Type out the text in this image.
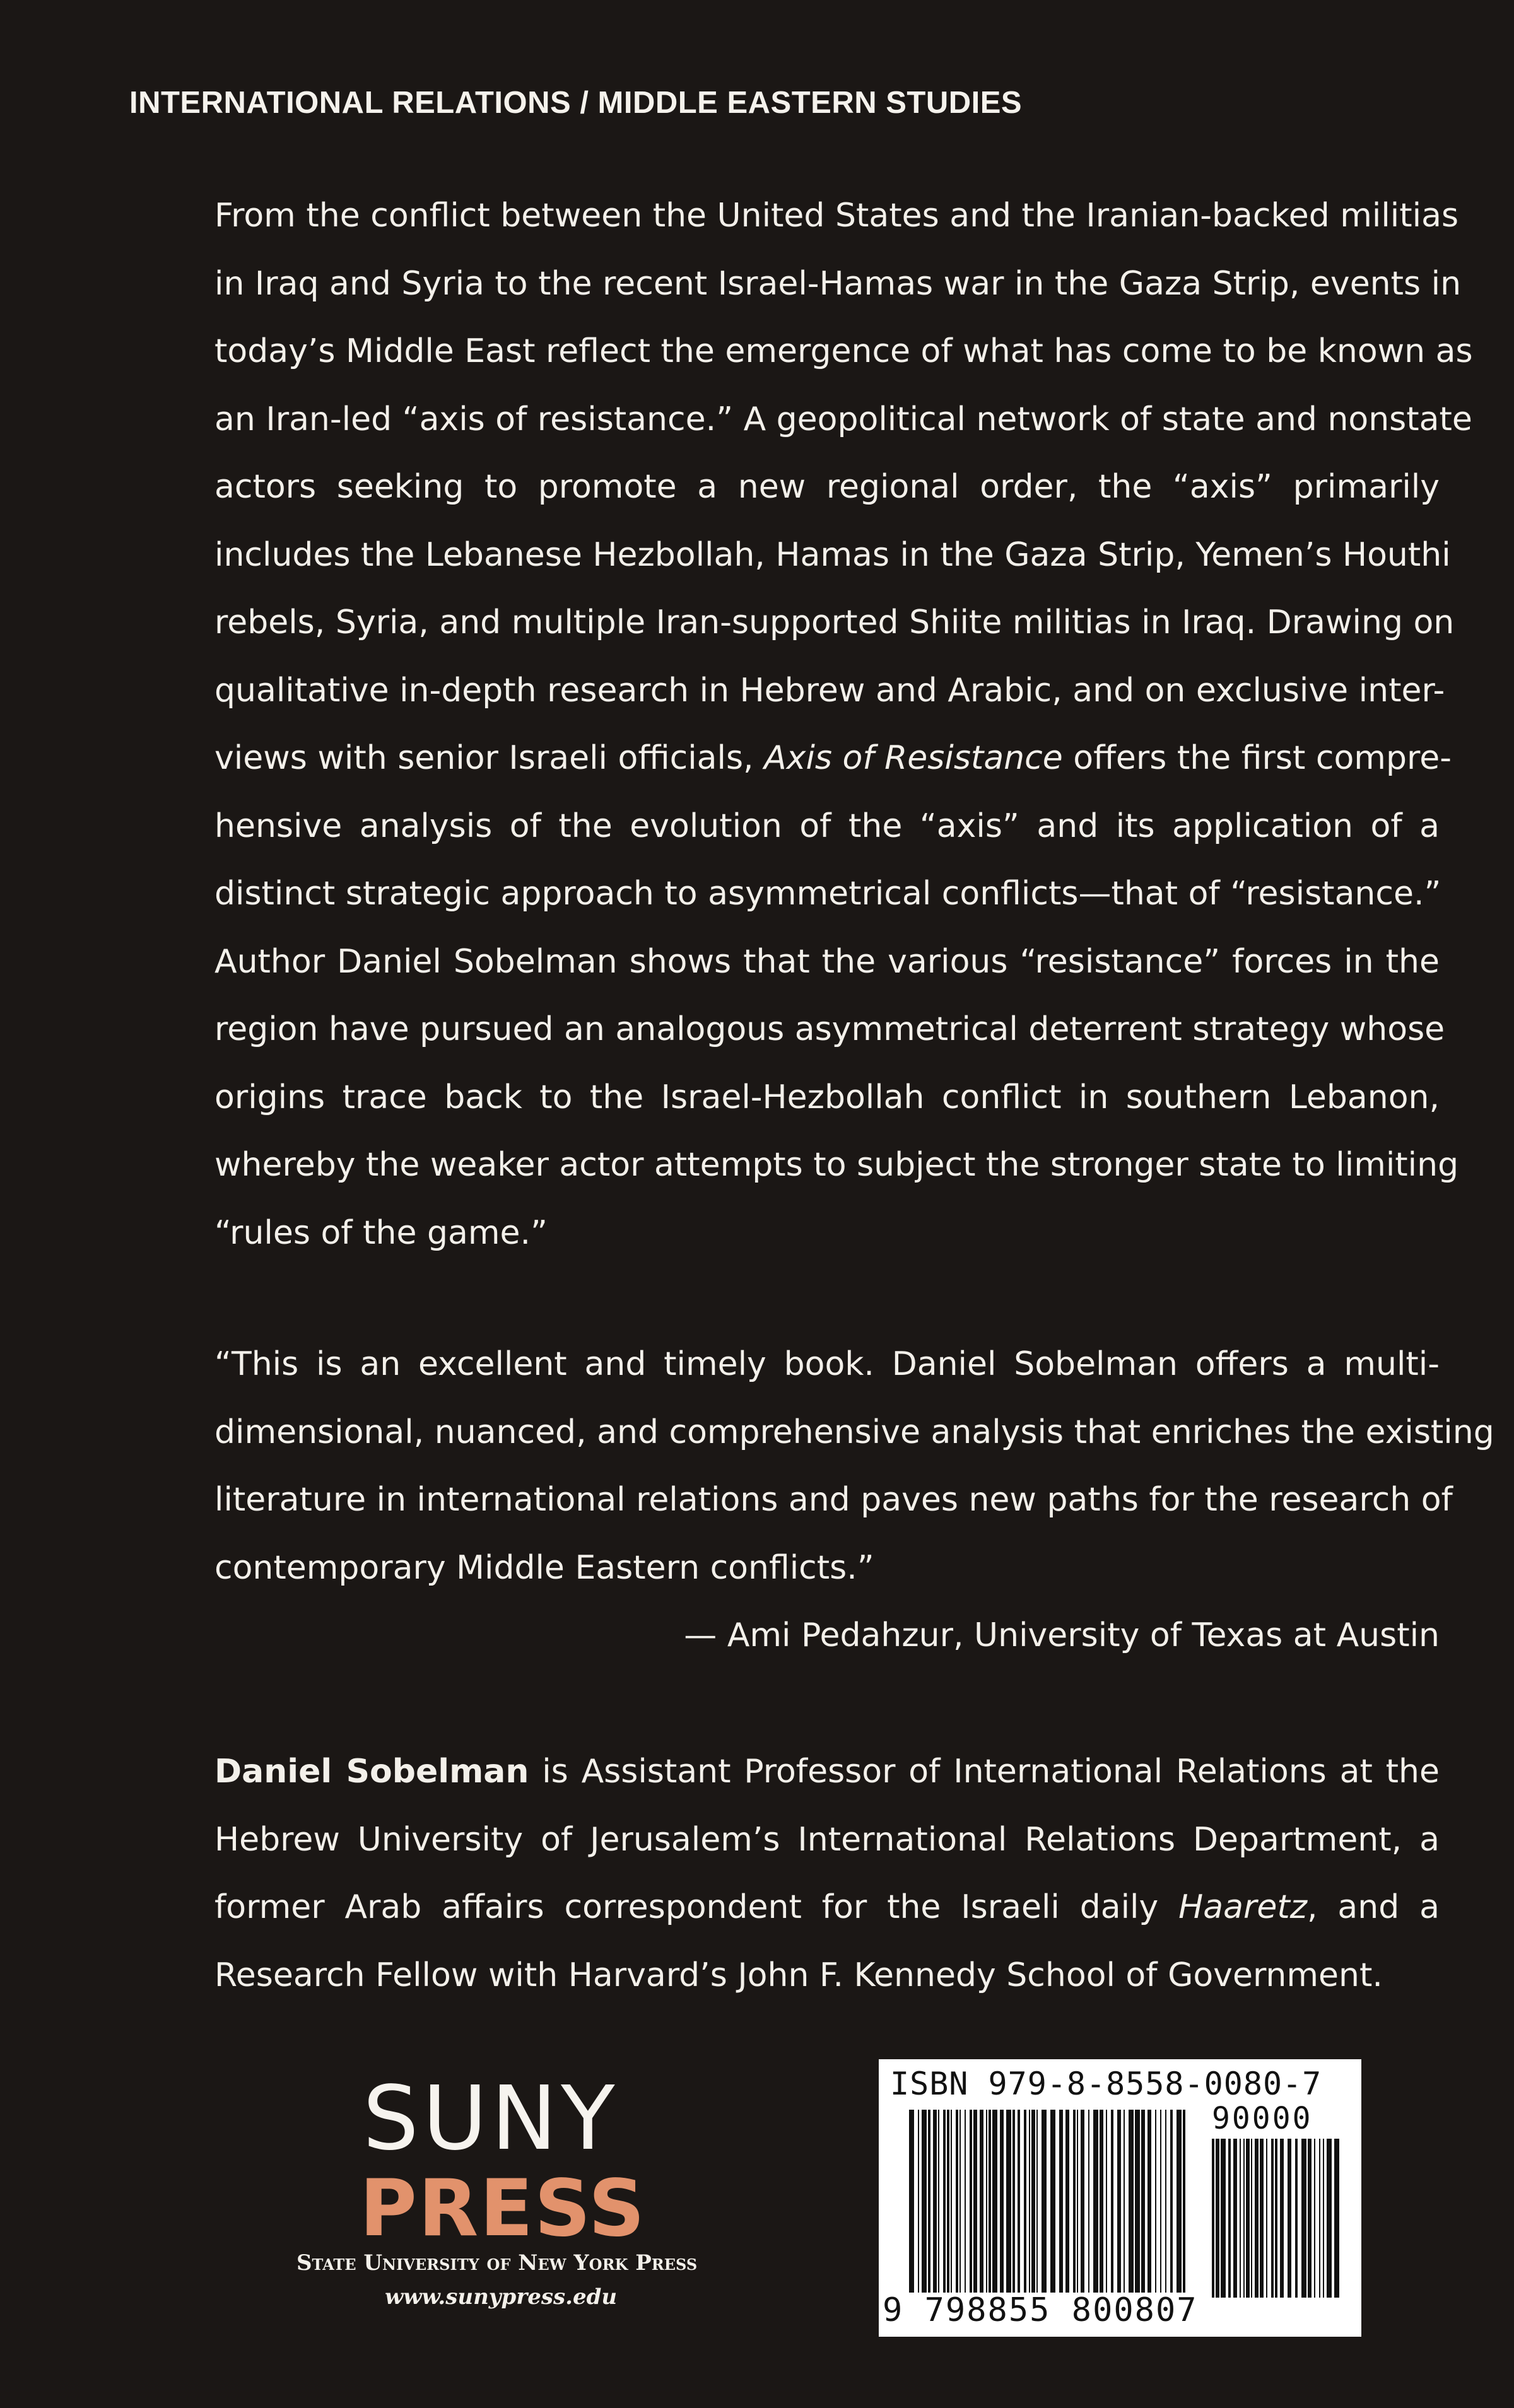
INTERNATIONAL RELATIONS / MIDDLE EASTERN STUDIES
From the conflict between the United States and the Iranian-backed militias
in Iraq and Syria to the recent Israel-Hamas war in the Gaza Strip, events in
today’s Middle East reflect the emergence of what has come to be known as
an Iran-led “axis of resistance.” A geopolitical network of state and nonstate
actors seeking to promote a new regional order, the “axis” primarily
includes the Lebanese Hezbollah, Hamas in the Gaza Strip, Yemen’s Houthi
rebels, Syria, and multiple Iran-supported Shiite militias in Iraq. Drawing on
qualitative in-depth research in Hebrew and Arabic, and on exclusive inter-
views with senior Israeli officials, Axis of Resistance offers the first compre-
hensive analysis of the evolution of the “axis” and its application of a
distinct strategic approach to asymmetrical conflicts—that of “resistance.”
Author Daniel Sobelman shows that the various “resistance” forces in the
region have pursued an analogous asymmetrical deterrent strategy whose
origins trace back to the Israel-Hezbollah conflict in southern Lebanon,
whereby the weaker actor attempts to subject the stronger state to limiting
“rules of the game.”
“This is an excellent and timely book. Daniel Sobelman offers a multi-
dimensional, nuanced, and comprehensive analysis that enriches the existing
literature in international relations and paves new paths for the research of
contemporary Middle Eastern conflicts.”
— Ami Pedahzur, University of Texas at Austin
Daniel Sobelman is Assistant Professor of International Relations at the
Hebrew University of Jerusalem’s International Relations Department, a
former Arab affairs correspondent for the Israeli daily Haaretz, and a
Research Fellow with Harvard’s John F. Kennedy School of Government.
SUNY
PRESS
State University of New York Press
www.sunypress.edu
ISBN 979-8-8558-0080-7
90000
9 798855 800807
